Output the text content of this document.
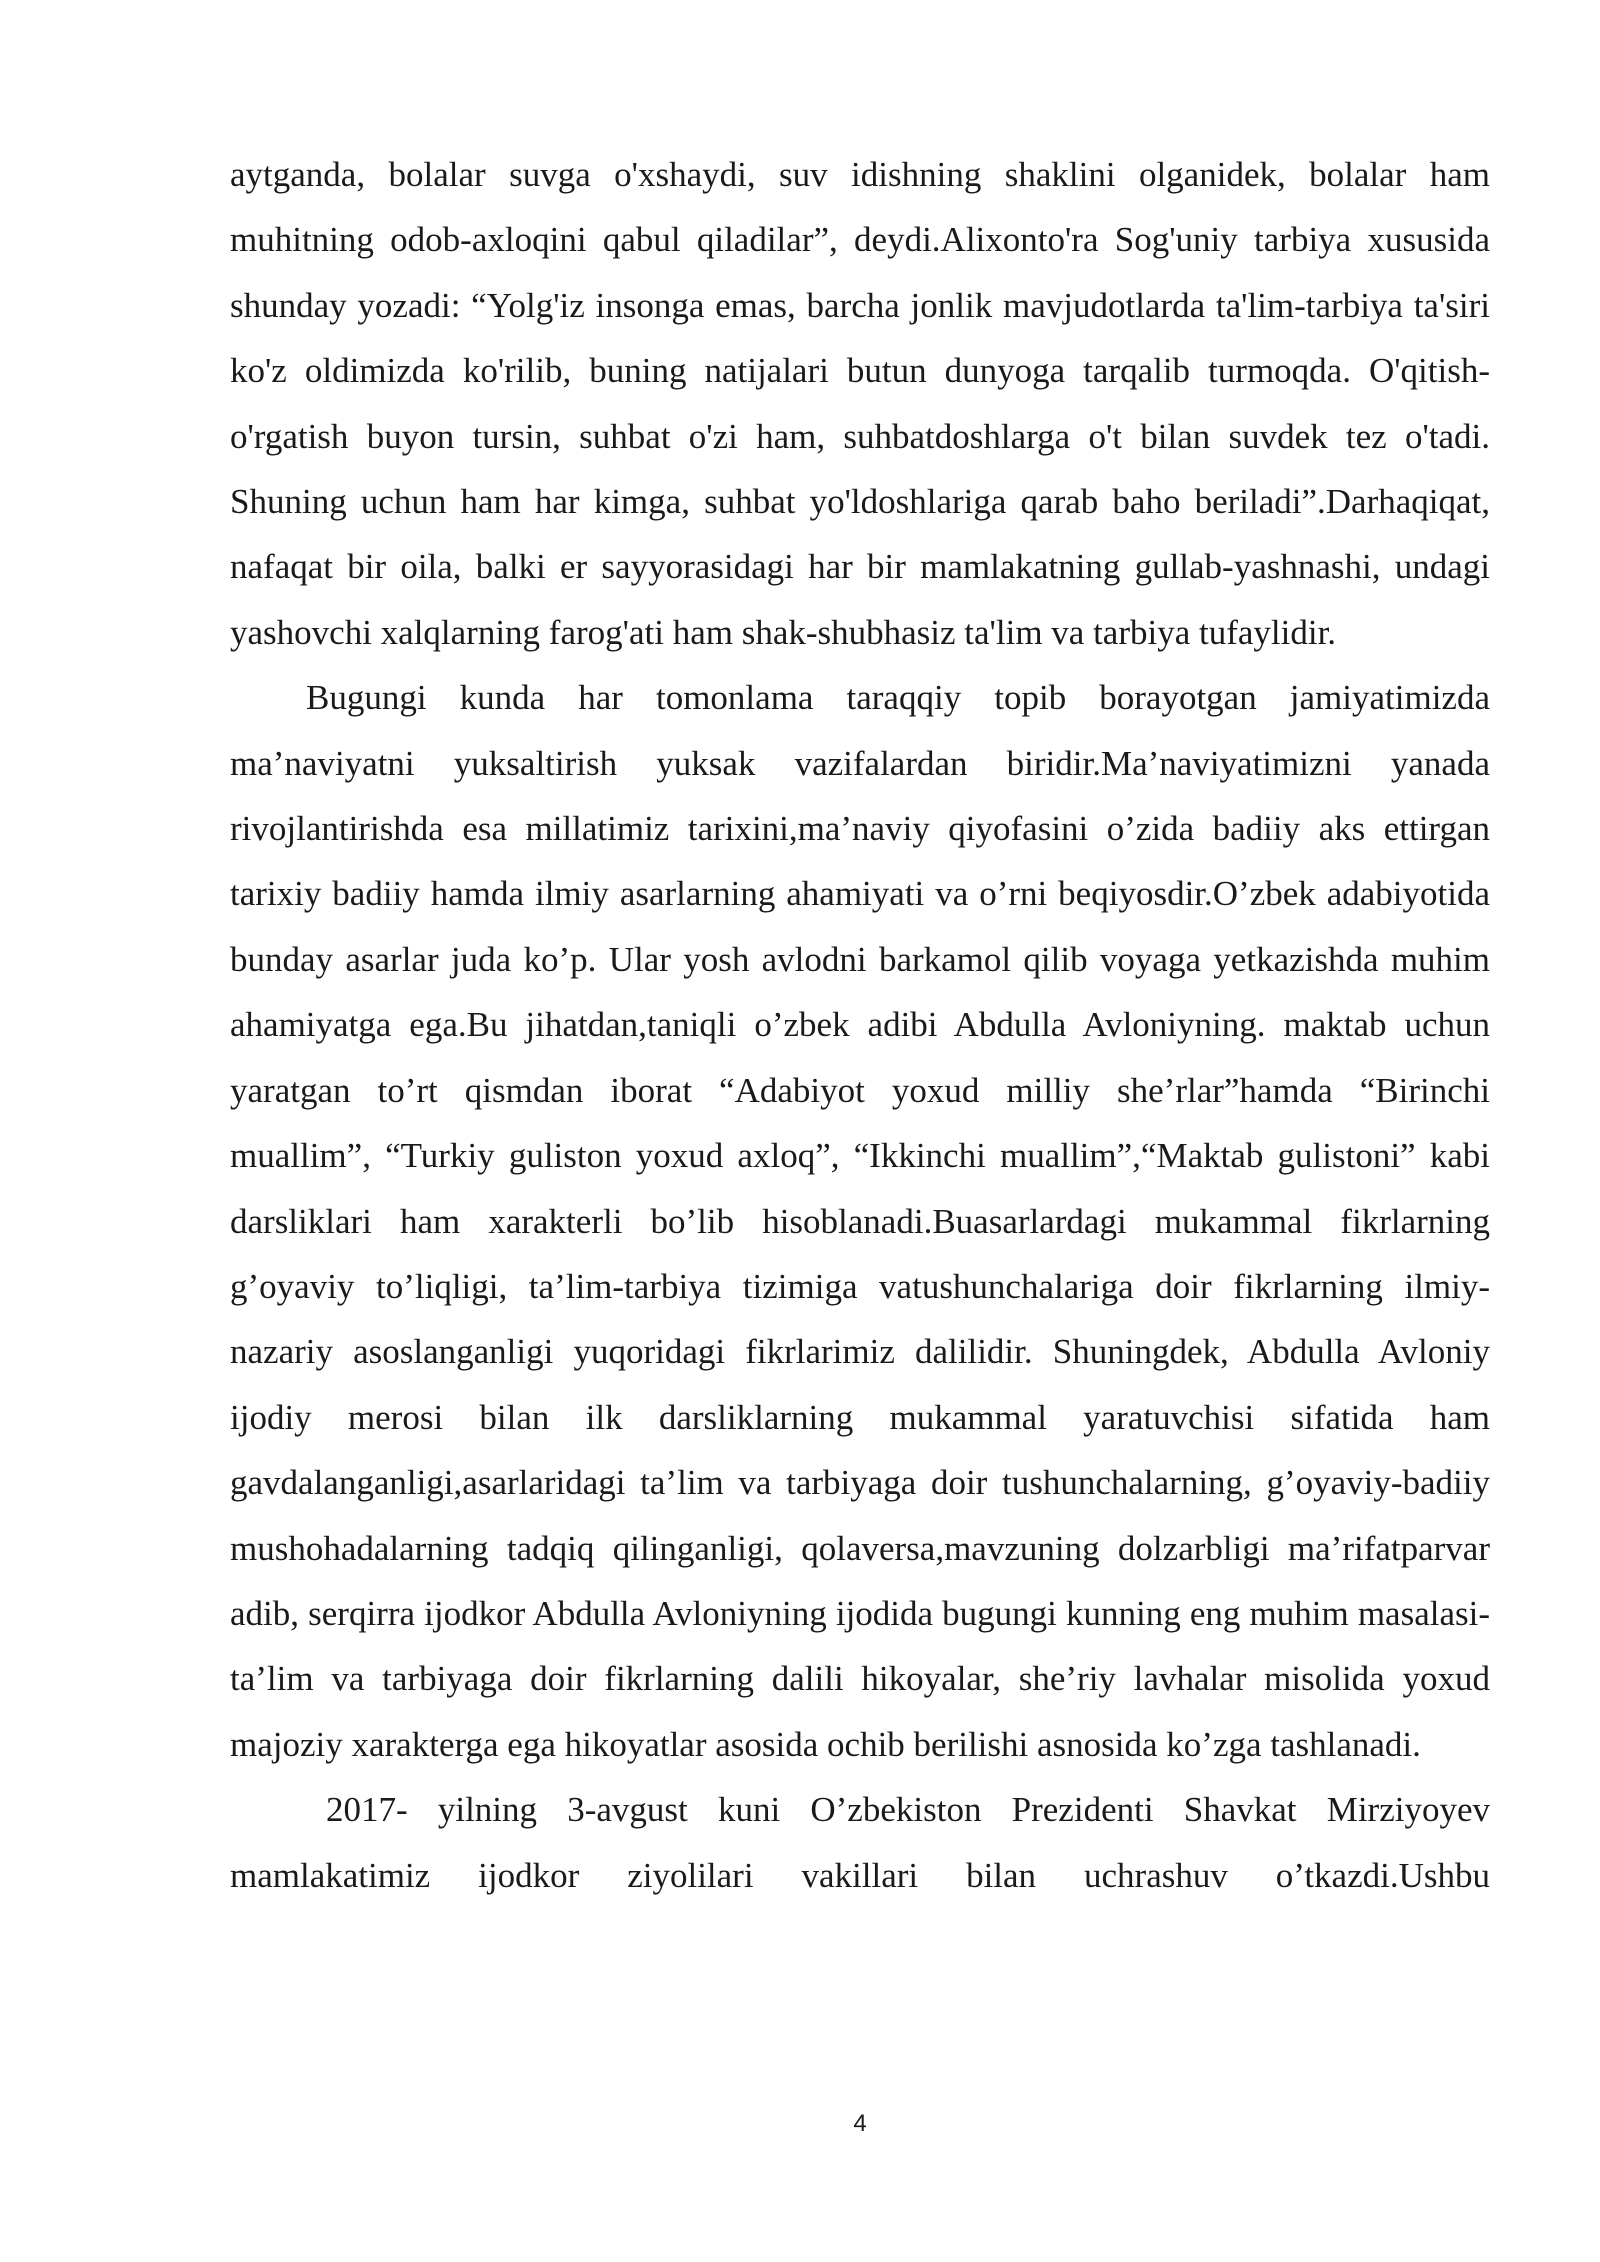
aytganda, bolalar suvga o'xshaydi, suv idishning shaklini olganidek, bolalar ham muhitning odob-axloqini qabul qiladilar”, deydi.Alixonto'ra Sog'uniy tarbiya xususida shunday yozadi: “Yolg'iz insonga emas, barcha jonlik mavjudotlarda ta'lim-tarbiya ta'siri ko'z oldimizda ko'rilib, buning natijalari butun dunyoga tarqalib turmoqda. O'qitish-o'rgatish buyon tursin, suhbat o'zi ham, suhbatdoshlarga o't bilan suvdek tez o'tadi. Shuning uchun ham har kimga, suhbat yo'ldoshlariga qarab baho beriladi”.Darhaqiqat, nafaqat bir oila, balki er sayyorasidagi har bir mamlakatning gullab-yashnashi, undagi yashovchi xalqlarning farog'ati ham shak-shubhasiz ta'lim va tarbiya tufaylidir.

Bugungi kunda har tomonlama taraqqiy topib borayotgan jamiyatimizda ma’naviyatni yuksaltirish yuksak vazifalardan biridir.Ma’naviyatimizni yanada rivojlantirishda esa millatimiz tarixini,ma’naviy qiyofasini o’zida badiiy aks ettirgan tarixiy badiiy hamda ilmiy asarlarning ahamiyati va o’rni beqiyosdir.O’zbek adabiyotida bunday asarlar juda ko’p. Ular yosh avlodni barkamol qilib voyaga yetkazishda muhim ahamiyatga ega.Bu jihatdan,taniqli o’zbek adibi Abdulla Avloniyning. maktab uchun yaratgan to’rt qismdan iborat “Adabiyot yoxud milliy she’rlar”hamda “Birinchi muallim”, “Turkiy guliston yoxud axloq”, “Ikkinchi muallim”,“Maktab gulistoni” kabi darsliklari ham xarakterli bo’lib hisoblanadi.Buasarlardagi mukammal fikrlarning g’oyaviy to’liqligi, ta’lim-tarbiya tizimiga vatushunchalariga doir fikrlarning ilmiy-nazariy asoslanganligi yuqoridagi fikrlarimiz dalilidir. Shuningdek, Abdulla Avloniy ijodiy merosi bilan ilk darsliklarning mukammal yaratuvchisi sifatida ham gavdalanganligi,asarlaridagi ta’lim va tarbiyaga doir tushunchalarning, g’oyaviy-badiiy mushohadalarning tadqiq qilinganligi, qolaversa,mavzuning dolzarbligi ma’rifatparvar adib, serqirra ijodkor Abdulla Avloniyning ijodida bugungi kunning eng muhim masalasi-ta’lim va tarbiyaga doir fikrlarning dalili hikoyalar, she’riy lavhalar misolida yoxud majoziy xarakterga ega hikoyatlar asosida ochib berilishi asnosida ko’zga tashlanadi.

2017- yilning 3-avgust kuni O’zbekiston Prezidenti Shavkat Mirziyoyev mamlakatimiz ijodkor ziyolilari vakillari bilan uchrashuv o’tkazdi.Ushbu

4
